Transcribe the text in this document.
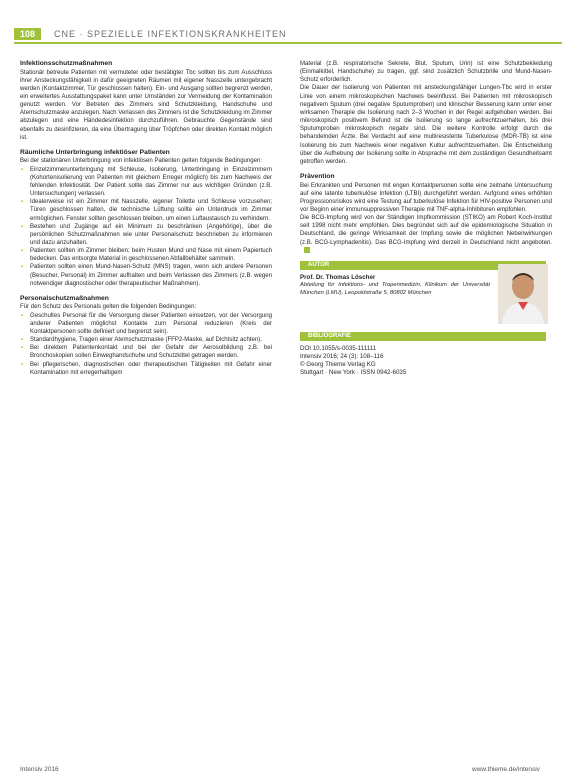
108	CNE · SPEZIELLE INFEKTIONSKRANKHEITEN
Infektionsschutzmaßnahmen

Stationär betreute Patienten mit vermuteter oder bestätigter Tbc sollten bis zum Ausschluss ihrer Ansteckungsfähigkeit in dafür geeigneten Räumen mit eigener Nasszelle untergebracht werden (Kontaktzimmer, Tür geschlossen halten). Ein- und Ausgang sollten begrenzt werden, ein erweitertes Ausstattungspaket kann unter Umständen zur Vermeidung der Kontamination genutzt werden. Vor Betreten des Zimmers sind Schutzkleidung, Handschuhe und Atemschutzmaske anzulegen. Nach Verlassen des Zimmers ist die Schutzkleidung im Zimmer abzulegen und eine Händedesinfektion durchzuführen. Gebrauchte Gegenstände sind ebenfalls zu desinfizieren, da eine Übertragung über Tröpfchen oder direkten Kontakt möglich ist.

Räumliche Unterbringung infektiöser Patienten

Bei der stationären Unterbringung von infektiösen Patienten gelten folgende Bedingungen:

▪ Einzelzimmerunterbringung mit Schleuse, Isolierung, Unterbringung in Einzelzimmern (Kohortenisolierung von Patienten mit gleichem Erreger möglich) bis zum Nachweis der fehlenden Infektiosität. Der Patient sollte das Zimmer nur aus wichtigen Gründen (z.B. Untersuchungen) verlassen.
▪ Idealerweise ist ein Zimmer mit Nasszelle, eigener Toilette und Schleuse vorzusehen; Türen geschlossen halten, die technische Lüftung sollte ein Unterdruck im Zimmer ermöglichen. Fenster sollten geschlossen bleiben, um einen Luftaustausch zu verhindern.
▪ Bestehen und Zugänge auf ein Minimum zu beschränken (Angehörige), über die persönlichen Schutzmaßnahmen wie unter Personalschutz beschrieben zu informieren und dazu anzuhalten.
▪ Patienten sollten im Zimmer bleiben; beim Husten Mund und Nase mit einem Papiertuch bedecken. Das entsorgte Material in geschlossenen Abfallbehälter sammeln.
▪ Patienten sollten einen Mund-Nasen-Schutz (MNS) tragen, wenn sich andere Personen (Besucher, Personal) im Zimmer aufhalten und beim Verlassen des Zimmers (z.B. wegen notwendiger diagnostischer oder therapeutischer Maßnahmen).
Personalschutzmaßnahmen

Für den Schutz des Personals gelten die folgenden Bedingungen:

▪ Geschultes Personal für die Versorgung dieser Patienten einsetzen, vor der Versorgung anderer Patienten möglichst Kontakte zum Personal reduzieren (Kreis der Kontaktpersonen sollte definiert und begrenzt sein).
▪ Standardhygiene, Tragen einer Atemschutzmaske (FFP2-Maske, auf Dichtsitz achten).
▪ Bei direktem Patientenkontakt und bei der Gefahr der Aerosolbildung z.B. bei Bronchoskopien sollen Einweghandschuhe und Schutzkittel getragen werden.
▪ Bei pflegerischen, diagnostischen oder therapeutischen Tätigkeiten mit Gefahr einer Kontamination mit erregerhaltigem

Material (z.B. respiratorische Sekrete, Blut, Sputum, Urin) ist eine Schutzbekleidung (Einmalkittel, Handschuhe) zu tragen, ggf. sind zusätzlich Schutzbrille und Mund-Nasen-Schutz erforderlich.

Die Dauer der Isolierung von Patienten mit ansteckungsfähiger Lungen-Tbc wird in erster Linie von einem mikroskopischen Nachweis beeinflusst. Bei Patienten mit mikroskopisch negativem Sputum (drei negative Sputumproben) und klinischer Besserung kann unter einer wirksamen Therapie die Isolierung nach 2–3 Wochen in der Regel aufgehoben werden. Bei mikroskopisch positivem Befund ist die Isolierung so lange aufrechtzuerhalten, bis drei Sputumproben mikroskopisch negativ sind. Die weitere Kontrolle erfolgt durch die behandelnden Ärzte. Bei Verdacht auf eine multiresistente Tuberkulose (MDR-TB) ist eine Isolierung bis zum Nachweis einer negativen Kultur aufrechtzuerhalten. Die Entscheidung über die Aufhebung der Isolierung sollte in Absprache mit dem zuständigen Gesundheitsamt getroffen werden.

Prävention

Bei Erkrankten und Personen mit engen Kontaktpersonen sollte eine zeitnahe Untersuchung auf eine latente tuberkulöse Infektion (LTBI) durchgeführt werden. Aufgrund eines erhöhten Progressionsrisikos wird eine Testung auf tuberkulöse Infektion für HIV-positive Personen und vor Beginn einer immunsuppressiven Therapie mit TNF-alpha-Inhibitoren empfohlen.

Die BCG-Impfung wird von der Ständigen Impfkommission (STIKO) am Robert Koch-Institut seit 1998 nicht mehr empfohlen. Dies begründet sich auf die epidemiologische Situation in Deutschland, die geringe Wirksamkeit der Impfung sowie die möglichen Nebenwirkungen (z.B. BCG-Lymphadenitis). Das BCG-Impfung wird derzeit in Deutschland nicht angeboten.

AUTOR
Prof. Dr. Thomas Löscher
Abteilung für Infektions- und Tropenmedizin, Klinikum der Universität München (LMU), Leopoldstraße 5, 80802 München
BIBLIOGRAFIE
DOI 10.1055/s-0035-111111
Intensiv 2016; 24 (3): 108–116
© Georg Thieme Verlag KG
Stuttgart · New York · ISSN 0942-6035
Intensiv 2016	www.thieme.de/intensiv
